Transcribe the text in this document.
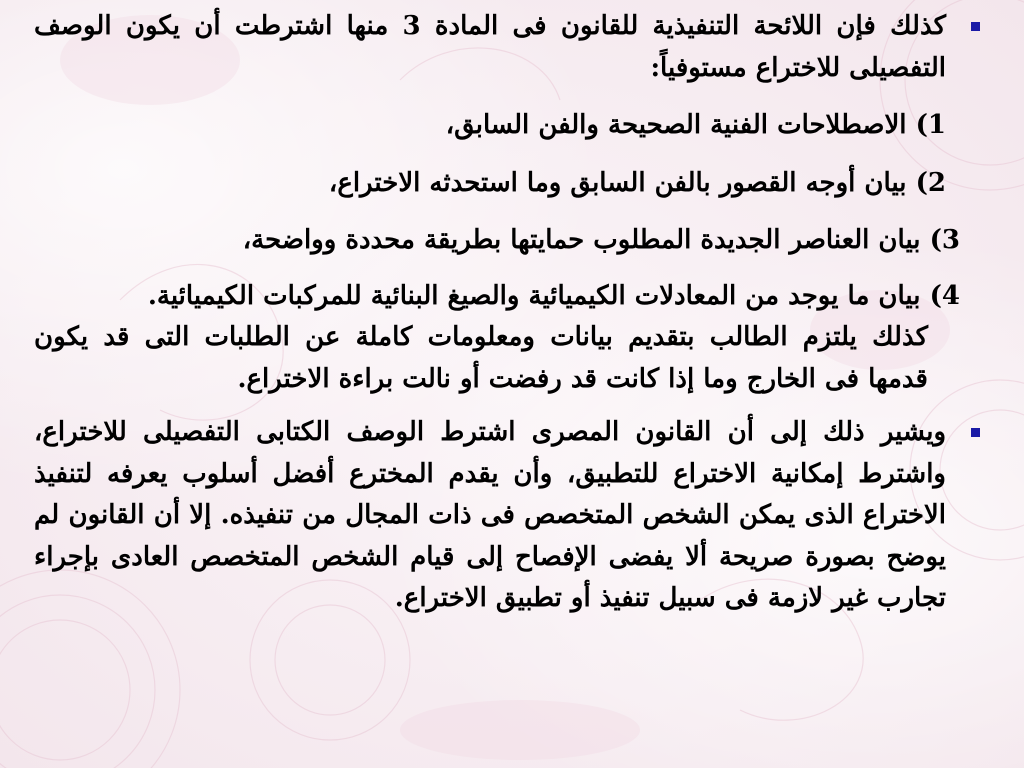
كذلك فإن اللائحة التنفيذية للقانون فى المادة 3 منها اشترطت أن يكون الوصف التفصيلى للاختراع مستوفياً:
1) الاصطلاحات الفنية الصحيحة والفن السابق،
2) بيان أوجه القصور بالفن السابق وما استحدثه الاختراع،
3) بيان العناصر الجديدة المطلوب حمايتها بطريقة محددة وواضحة،
4) بيان ما يوجد من المعادلات الكيميائية والصيغ البنائية للمركبات الكيميائية.
كذلك يلتزم الطالب بتقديم بيانات ومعلومات كاملة عن الطلبات التى قد يكون قدمها فى الخارج وما إذا كانت قد رفضت أو نالت براءة الاختراع.
ويشير ذلك إلى أن القانون المصرى اشترط الوصف الكتابى التفصيلى للاختراع، واشترط إمكانية الاختراع للتطبيق، وأن يقدم المخترع أفضل أسلوب يعرفه لتنفيذ الاختراع الذى يمكن الشخص المتخصص فى ذات المجال من تنفيذه. إلا أن القانون لم يوضح بصورة صريحة ألا يفضى الإفصاح إلى قيام الشخص المتخصص العادى بإجراء تجارب غير لازمة فى سبيل تنفيذ أو تطبيق الاختراع.
